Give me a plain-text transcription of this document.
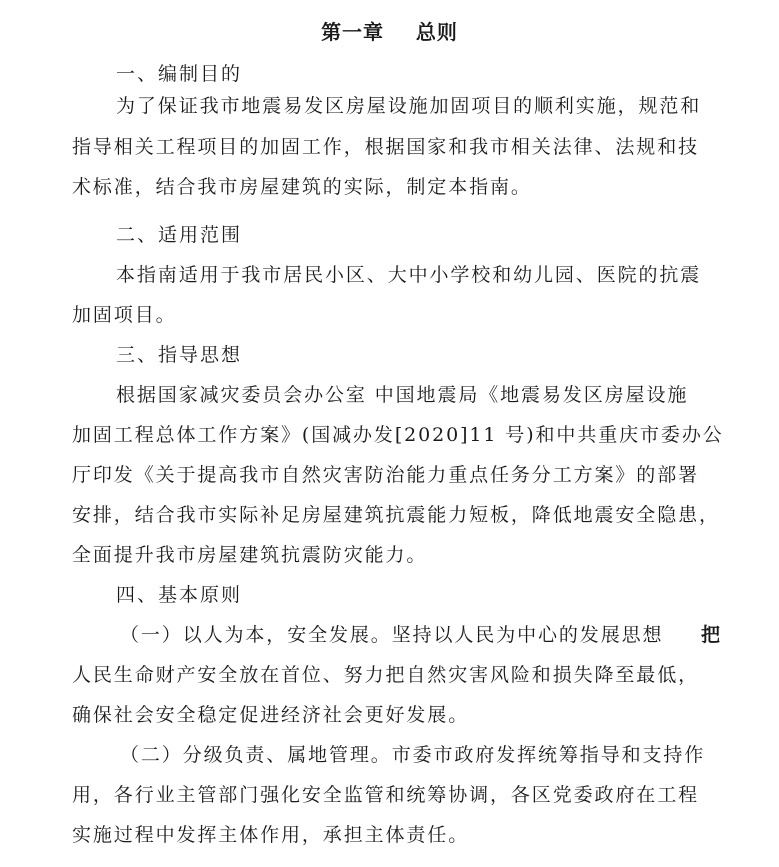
第一章    总则
一、编制目的
为了保证我市地震易发区房屋设施加固项目的顺利实施，规范和
指导相关工程项目的加固工作，根据国家和我市相关法律、法规和技
术标准，结合我市房屋建筑的实际，制定本指南。
二、适用范围
本指南适用于我市居民小区、大中小学校和幼儿园、医院的抗震
加固项目。
三、指导思想
根据国家减灾委员会办公室 中国地震局《地震易发区房屋设施
加固工程总体工作方案》(国减办发[2020]11 号)和中共重庆市委办公
厅印发《关于提高我市自然灾害防治能力重点任务分工方案》的部署
安排，结合我市实际补足房屋建筑抗震能力短板，降低地震安全隐患，
全面提升我市房屋建筑抗震防灾能力。
四、基本原则
（一）以人为本，安全发展。坚持以人民为中心的发展思想 把
人民生命财产安全放在首位、努力把自然灾害风险和损失降至最低，
确保社会安全稳定促进经济社会更好发展。
（二）分级负责、属地管理。市委市政府发挥统筹指导和支持作
用，各行业主管部门强化安全监管和统筹协调，各区党委政府在工程
实施过程中发挥主体作用，承担主体责任。
